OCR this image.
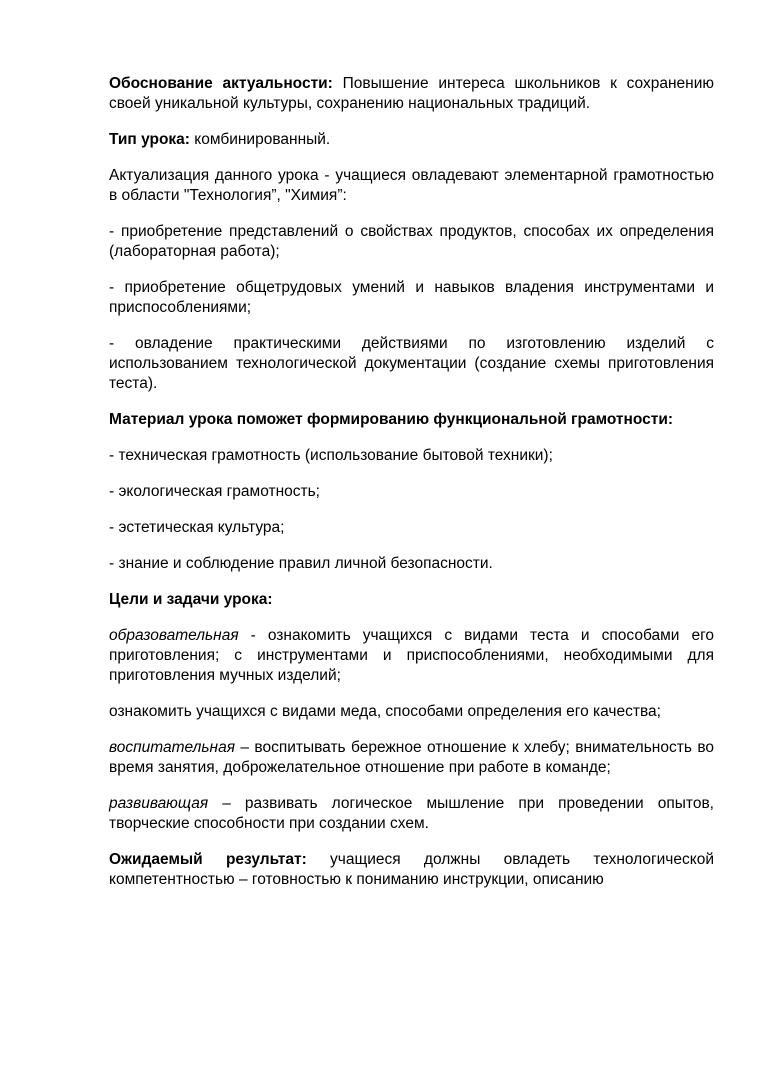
Обоснование актуальности: Повышение интереса школьников к сохранению своей уникальной культуры, сохранению национальных традиций.

Тип урока: комбинированный.

Актуализация данного урока - учащиеся овладевают элементарной грамотностью в области "Технология”, "Химия”:

- приобретение представлений о свойствах продуктов, способах их определения (лабораторная работа);

- приобретение общетрудовых умений и навыков владения инструментами и приспособлениями;

- овладение практическими действиями по изготовлению изделий с использованием технологической документации (создание схемы приготовления теста).

Материал урока поможет формированию функциональной грамотности:

- техническая грамотность (использование бытовой техники);

- экологическая грамотность;

- эстетическая культура;

- знание и соблюдение правил личной безопасности.

Цели и задачи урока:

образовательная - ознакомить учащихся с видами теста и способами его приготовления; с инструментами и приспособлениями, необходимыми для приготовления мучных изделий;

ознакомить учащихся с видами меда, способами определения его качества;

воспитательная – воспитывать бережное отношение к хлебу; внимательность во время занятия, доброжелательное отношение при работе в команде;

развивающая – развивать логическое мышление при проведении опытов, творческие способности при создании схем.

Ожидаемый результат: учащиеся должны овладеть технологической компетентностью – готовностью к пониманию инструкции, описанию
